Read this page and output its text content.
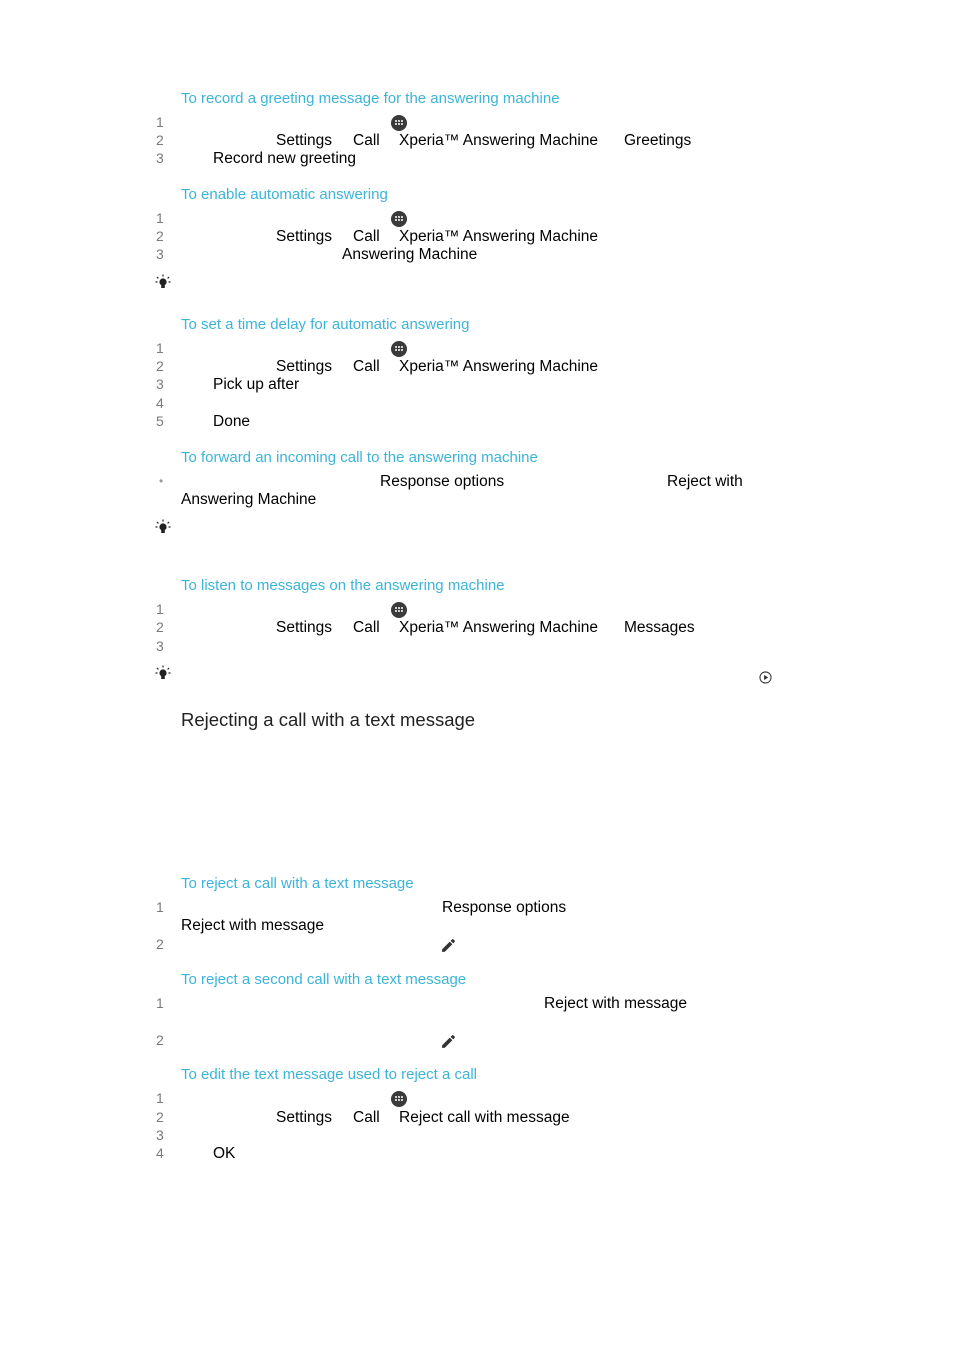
To record a greeting message for the answering machine
1
2	Settings Call Xperia™ Answering Machine Greetings
3	Record new greeting
To enable automatic answering
1
2	Settings Call Xperia™ Answering Machine
3	Answering Machine
To set a time delay for automatic answering
1
2	Settings Call Xperia™ Answering Machine
3	Pick up after
4
5	Done
To forward an incoming call to the answering machine
•	Response options	Reject with
Answering Machine
To listen to messages on the answering machine
1
2	Settings Call Xperia™ Answering Machine Messages
3
Rejecting a call with a text message
To reject a call with a text message
1	Response options
Reject with message
2
To reject a second call with a text message
1	Reject with message
2
To edit the text message used to reject a call
1
2	Settings Call Reject call with message
3
4	OK
